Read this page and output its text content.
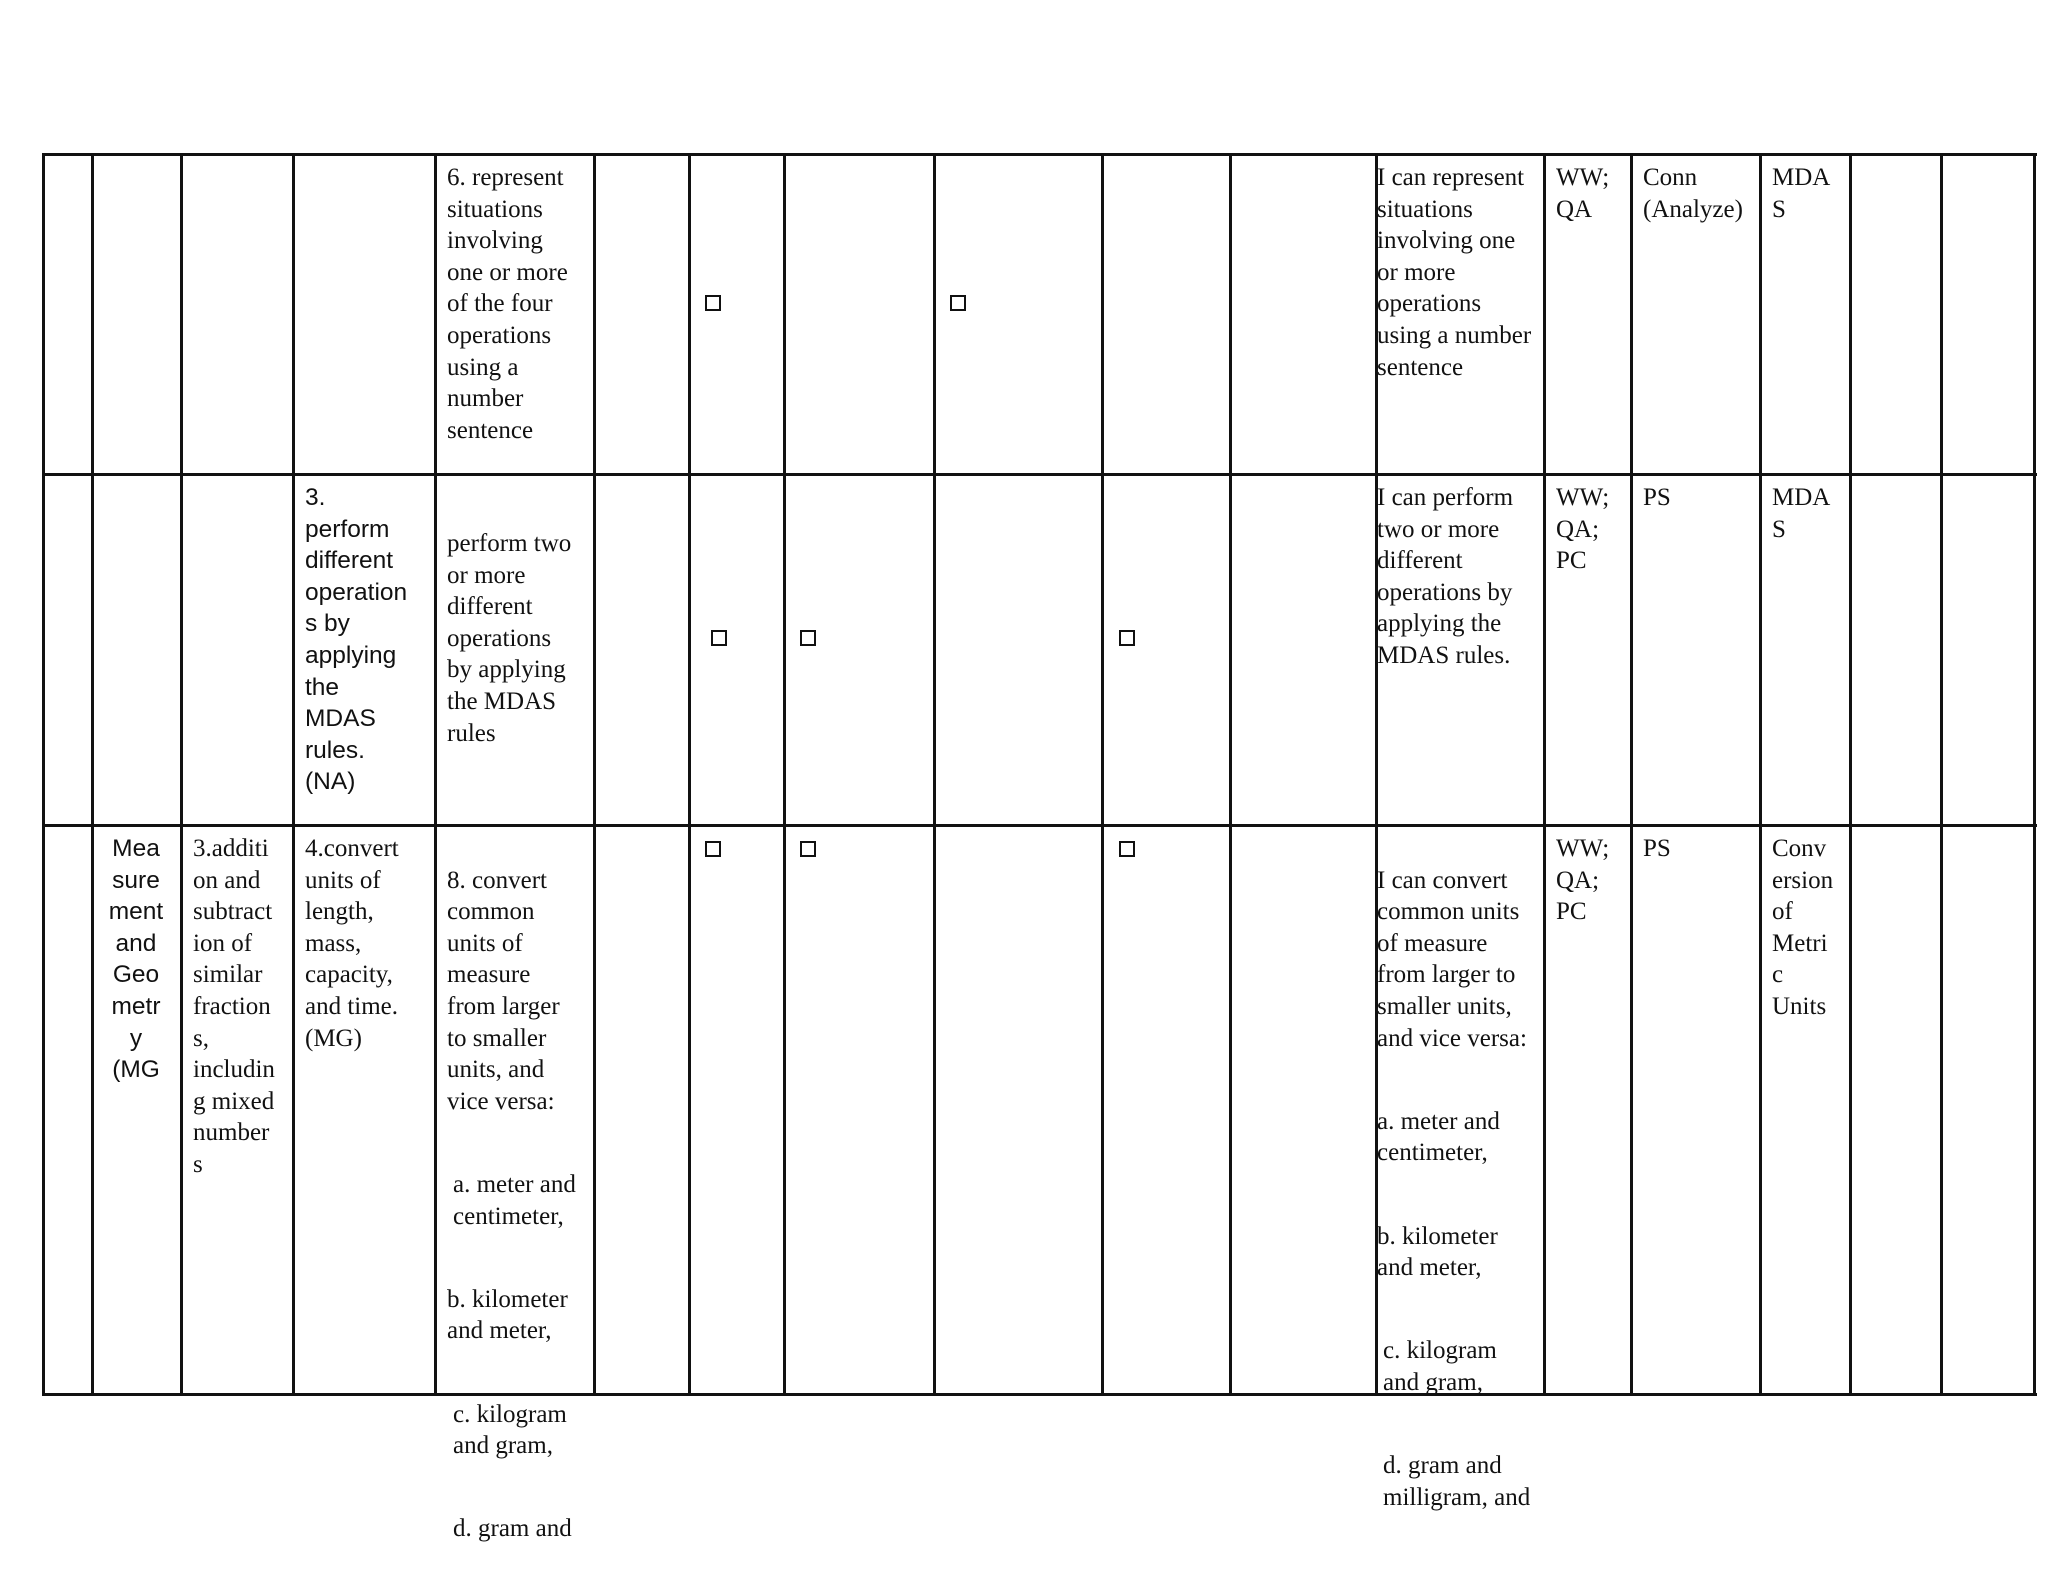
6. represent
situations
involving
one or more
of the four
operations
using a
number
sentence
I can represent
situations
involving one
or more
operations
using a number
sentence
WW;
QA
Conn
(Analyze)
MDA
S
3.
perform
different
operation
s by
applying
the
MDAS
rules.
(NA)
perform two
or more
different
operations
by applying
the MDAS
rules
I can perform
two or more
different
operations by
applying the
MDAS rules.
WW;
QA;
PC
PS	MDA
S
Mea
sure
ment
and
Geo
metr
y
(MG
3.additi
on and
subtract
ion of
similar
fraction
s,
includin
g mixed
number
s
4.convert
units of
length,
mass,
capacity,
and time.
(MG)

8. convert
common
units of
measure
from larger
to smaller
units, and
vice versa:

a. meter and
centimeter,

b. kilometer
and meter,

c. kilogram
and gram,

d. gram and

I can convert
common units
of measure
from larger to
smaller units,
and vice versa:

a. meter and
centimeter,

b. kilometer
and meter,

c. kilogram
and gram,

d. gram and
milligram, and

WW;
QA;
PC
PS	Conv
ersion
of
Metri
c
Units
